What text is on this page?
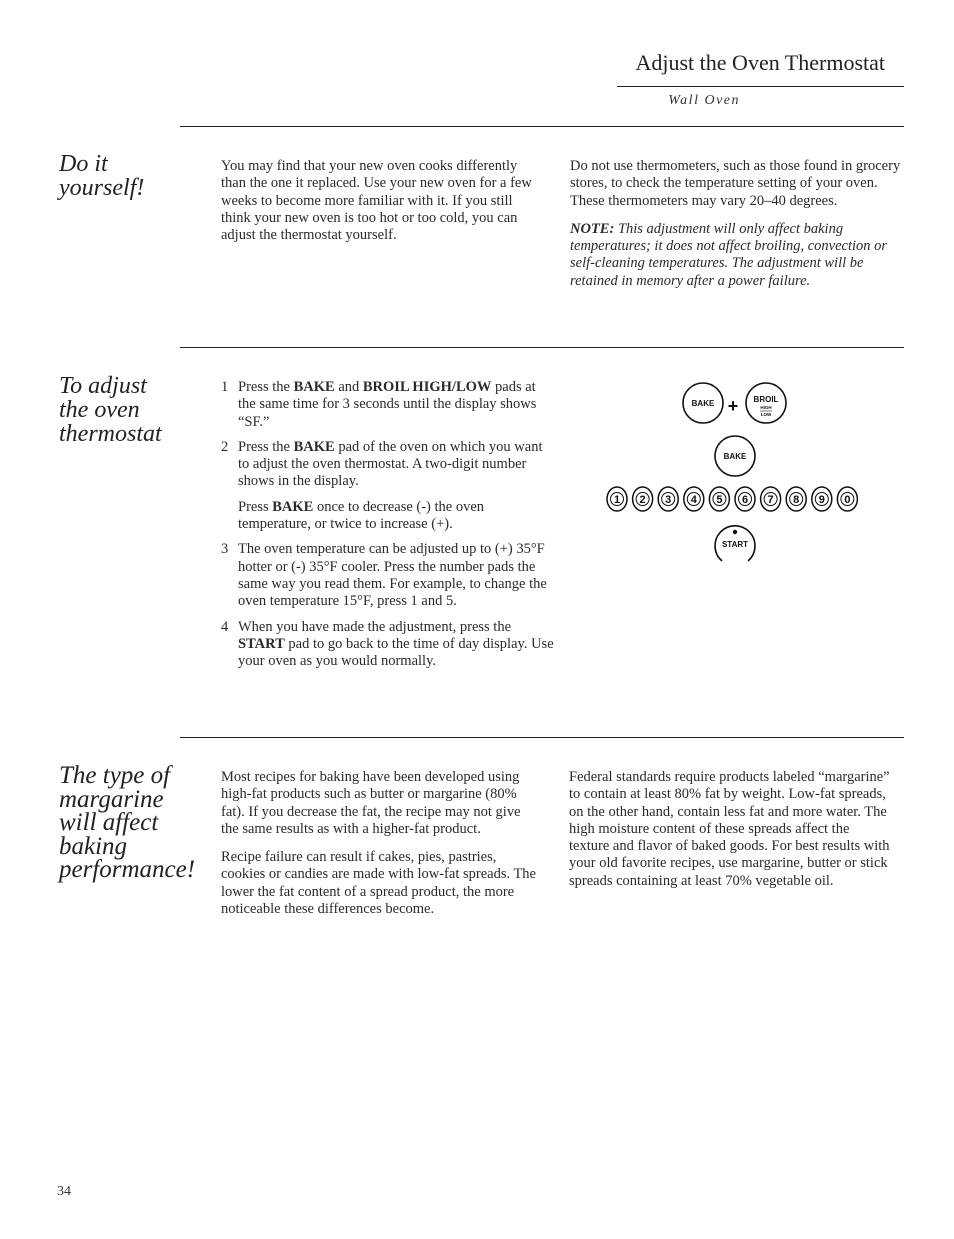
Adjust the Oven Thermostat
Wall Oven
Do it
yourself!

You may find that your new oven cooks differently than the one it replaced. Use your new oven for a few weeks to become more familiar with it. If you still think your new oven is too hot or too cold, you can adjust the thermostat yourself.

Do not use thermometers, such as those found in grocery stores, to check the temperature setting of your oven. These thermometers may vary 20–40 degrees.

NOTE: This adjustment will only affect baking temperatures; it does not affect broiling, convection or self-cleaning temperatures. The adjustment will be retained in memory after a power failure.

To adjust
the oven
thermostat
1 Press the BAKE and BROIL HIGH/LOW pads at the same time for 3 seconds until the display shows “SF.”

2 Press the BAKE pad of the oven on which you want to adjust the oven thermostat. A two-digit number shows in the display.

Press BAKE once to decrease (-) the oven temperature, or twice to increase (+).

3 The oven temperature can be adjusted up to (+) 35°F hotter or (-) 35°F cooler. Press the number pads the same way you read them. For example, to change the oven temperature 15°F, press 1 and 5.

4 When you have made the adjustment, press the START pad to go back to the time of day display. Use your oven as you would normally.

BAKE + BROIL
HIGH
LOW
BAKE
1 2 3 4 5 6 7 8 9 0
START
The type of
margarine
will affect
baking
performance!

Most recipes for baking have been developed using high-fat products such as butter or margarine (80% fat). If you decrease the fat, the recipe may not give the same results as with a higher-fat product.

Recipe failure can result if cakes, pies, pastries, cookies or candies are made with low-fat spreads. The lower the fat content of a spread product, the more noticeable these differences become.

Federal standards require products labeled “margarine” to contain at least 80% fat by weight. Low-fat spreads, on the other hand, contain less fat and more water. The high moisture content of these spreads affect the texture and flavor of baked goods. For best results with your old favorite recipes, use margarine, butter or stick spreads containing at least 70% vegetable oil.

34
